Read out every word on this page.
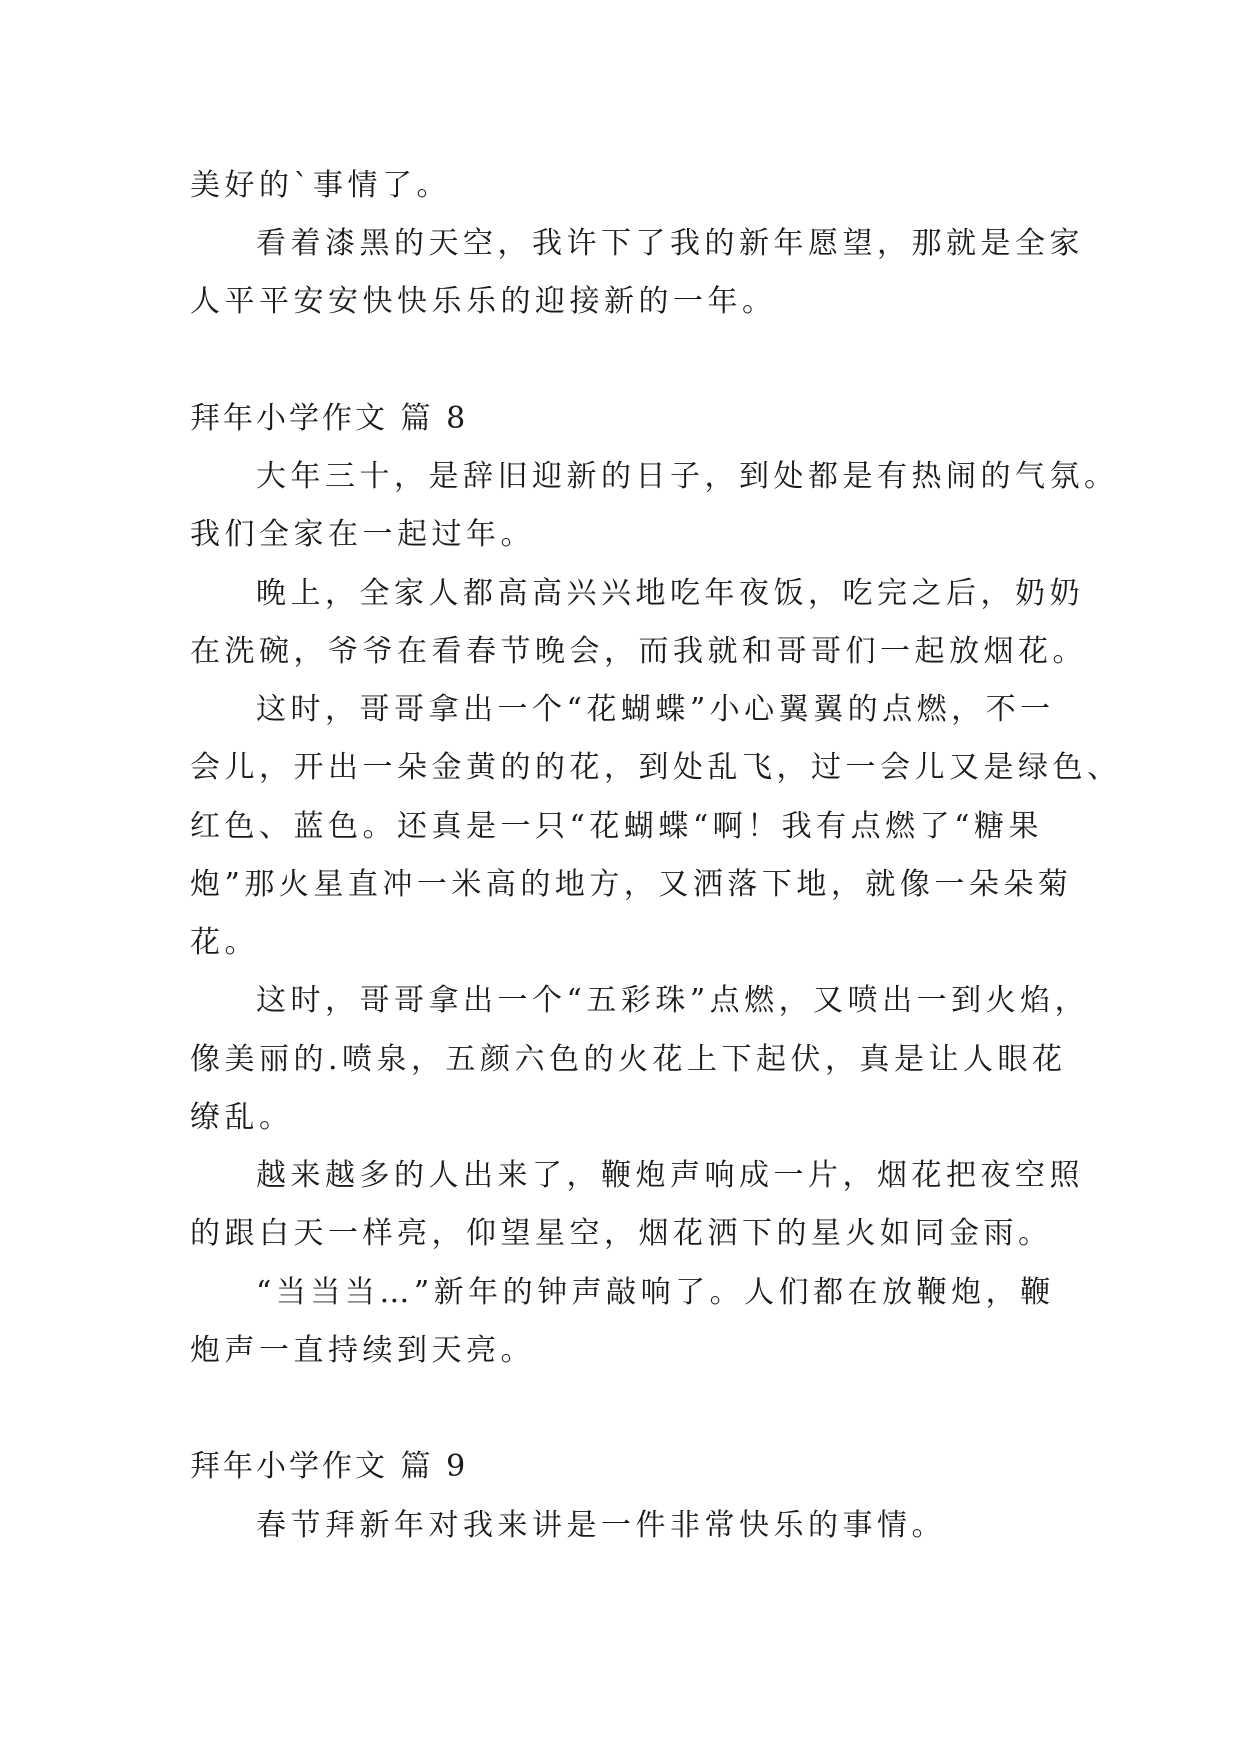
美好的`事情了。
看着漆黑的天空，我许下了我的新年愿望，那就是全家
人平平安安快快乐乐的迎接新的一年。
拜年小学作文 篇 8
大年三十，是辞旧迎新的日子，到处都是有热闹的气氛。
我们全家在一起过年。
晚上，全家人都高高兴兴地吃年夜饭，吃完之后，奶奶
在洗碗，爷爷在看春节晚会，而我就和哥哥们一起放烟花。
这时，哥哥拿出一个“花蝴蝶”小心翼翼的点燃，不一
会儿，开出一朵金黄的的花，到处乱飞，过一会儿又是绿色、
红色、蓝色。还真是一只“花蝴蝶“啊！我有点燃了“糖果
炮”那火星直冲一米高的地方，又洒落下地，就像一朵朵菊
花。
这时，哥哥拿出一个“五彩珠”点燃，又喷出一到火焰，
像美丽的.喷泉，五颜六色的火花上下起伏，真是让人眼花
缭乱。
越来越多的人出来了，鞭炮声响成一片，烟花把夜空照
的跟白天一样亮，仰望星空，烟花洒下的星火如同金雨。
“当当当…”新年的钟声敲响了。人们都在放鞭炮，鞭
炮声一直持续到天亮。
拜年小学作文 篇 9
春节拜新年对我来讲是一件非常快乐的事情。
